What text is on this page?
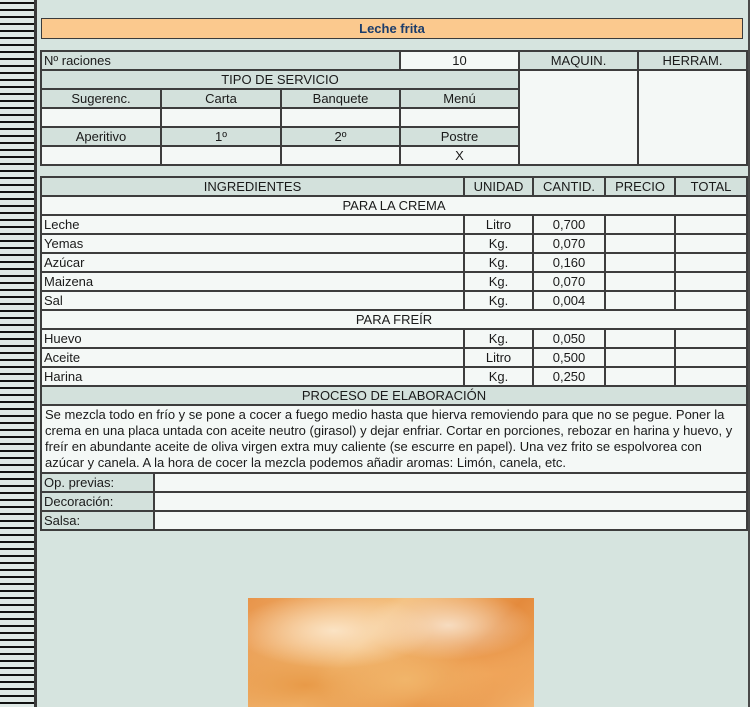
Leche frita
Nº raciones			10	MAQUIN.	HERRAM.
TIPO DE SERVICIO					
Sugerenc.	Carta	Banquete	Menú		

Aperitivo	1º	2º	Postre		
			X		
INGREDIENTES		UNIDAD	CANTID.	PRECIO	TOTAL
PARA LA CREMA					
Leche		Litro	0,700		
Yemas		Kg.	0,070		
Azúcar		Kg.	0,160		
Maizena		Kg.	0,070		
Sal		Kg.	0,004		
PARA FREÍR					
Huevo		Kg.	0,050		
Aceite		Litro	0,500		
Harina		Kg.	0,250		
PROCESO DE ELABORACIÓN					
Se mezcla todo en frío y se pone a cocer a fuego medio hasta que hierva removiendo para que no se pegue. Poner la crema en una placa untada con aceite neutro (girasol) y dejar enfriar. Cortar en porciones, rebozar en harina y huevo, y freír en abundante aceite de oliva virgen extra muy caliente (se escurre en papel). Una vez frito se espolvorea con azúcar y canela. A la hora de cocer la mezcla podemos añadir aromas: Limón, canela, etc.					
Op. previas:					
Decoración:					
Salsa:					
